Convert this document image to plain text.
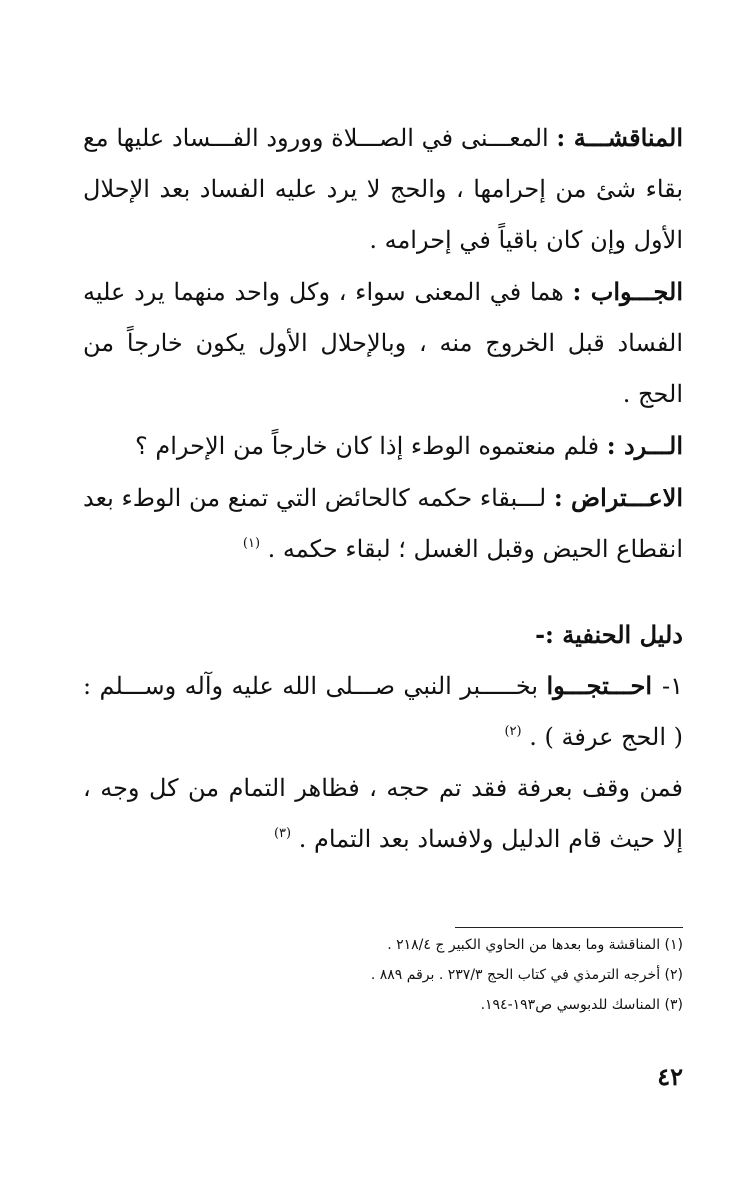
المناقشـــة : المعـــنى في الصـــلاة وورود الفـــساد عليها مع بقاء شئ من إحرامها ، والحج لا يرد عليه الفساد بعد الإحلال الأول وإن كان باقياً في إحرامه .

الجـــواب : هما في المعنى سواء ، وكل واحد منهما يرد عليه الفساد قبل الخروج منه ، وبالإحلال الأول يكون خارجاً من الحج .

الـــرد : فلم منعتموه الوطء إذا كان خارجاً من الإحرام ؟

الاعـــتراض : لـــبقاء حكمه كالحائض التي تمنع من الوطء بعد انقطاع الحيض وقبل الغسل ؛ لبقاء حكمه . $^{(١)}$

دليل الحنفية :-

١-احـــتجـــوا بخـــــبر النبي صـــلى الله عليه وآله وســـلم : ( الحج عرفة ) . $^{(٢)}$

فمن وقف بعرفة فقد تم حجه ، فظاهر التمام من كل وجه ، إلا حيث قام الدليل ولافساد بعد التمام . $^{(٣)}$

(١) المناقشة وما بعدها من الحاوي الكبير ج ٢١٨/٤ .

(٢) أخرجه الترمذي في كتاب الحج ٢٣٧/٣ . برقم ٨٨٩ .

(٣) المناسك للدبوسي ص١٩٣-١٩٤.

٤٢
